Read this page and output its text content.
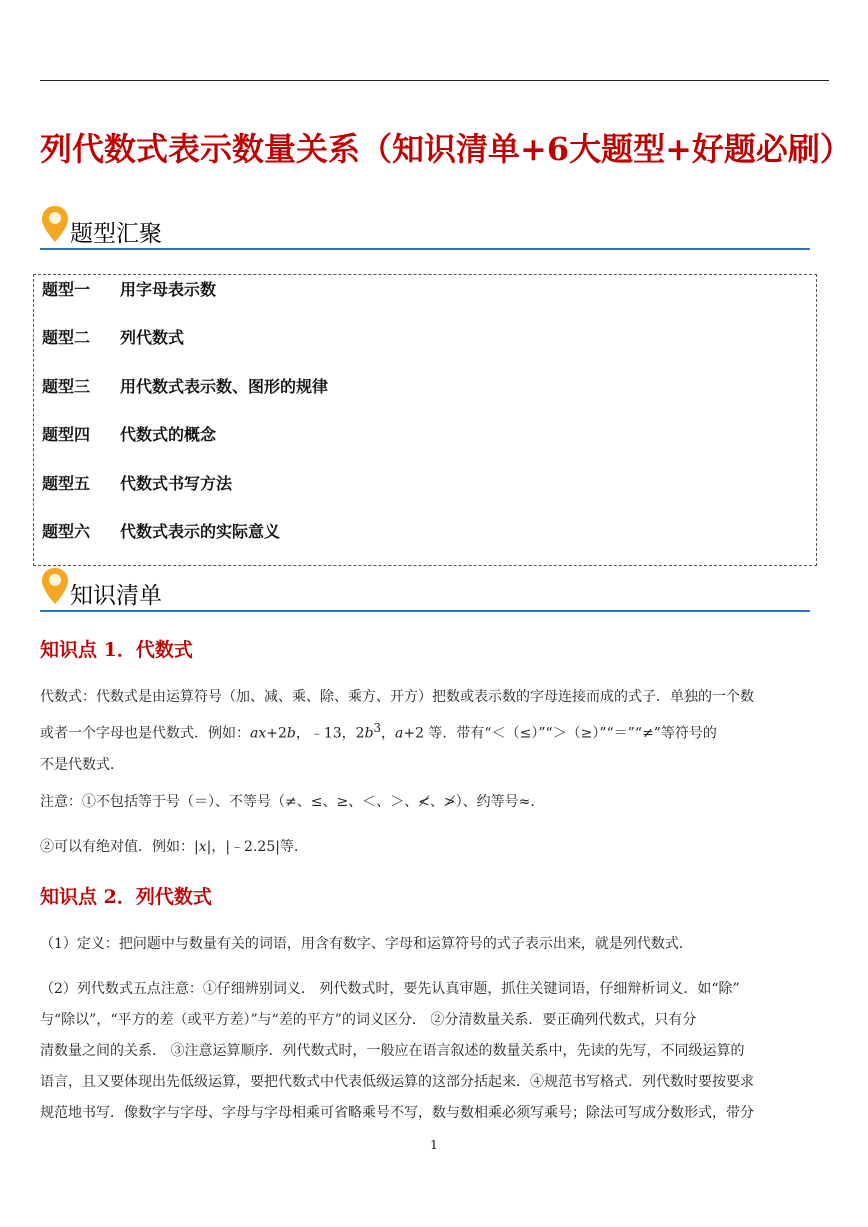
列代数式表示数量关系（知识清单+6大题型+好题必刷）
题型汇聚
题型一 用字母表示数
题型二 列代数式
题型三 用代数式表示数、图形的规律
题型四 代数式的概念
题型五 代数式书写方法
题型六 代数式表示的实际意义
知识清单
知识点 1．代数式
代数式：代数式是由运算符号（加、减、乘、除、乘方、开方）把数或表示数的字母连接而成的式子．单独的一个数
或者一个字母也是代数式．例如：ax+2b，﹣13，$2b^3$，a+2 等．带有“＜（≤）”“＞（≥）”“＝”“≠”等符号的
不是代数式．
注意：①不包括等于号（＝）、不等号（≠、≤、≥、＜、＞、≮、≯）、约等号≈．
②可以有绝对值．例如：|x|，|﹣2.25|等．
知识点 2．列代数式
（1）定义：把问题中与数量有关的词语，用含有数字、字母和运算符号的式子表示出来，就是列代数式．
（2）列代数式五点注意：①仔细辨别词义． 列代数式时，要先认真审题，抓住关键词语，仔细辩析词义．如“除”
与“除以”，“平方的差（或平方差）”与“差的平方”的词义区分． ②分清数量关系．要正确列代数式，只有分
清数量之间的关系． ③注意运算顺序．列代数式时，一般应在语言叙述的数量关系中，先读的先写，不同级运算的
语言，且又要体现出先低级运算，要把代数式中代表低级运算的这部分括起来．④规范书写格式．列代数时要按要求
规范地书写．像数字与字母、字母与字母相乘可省略乘号不写，数与数相乘必须写乘号；除法可写成分数形式，带分
1
